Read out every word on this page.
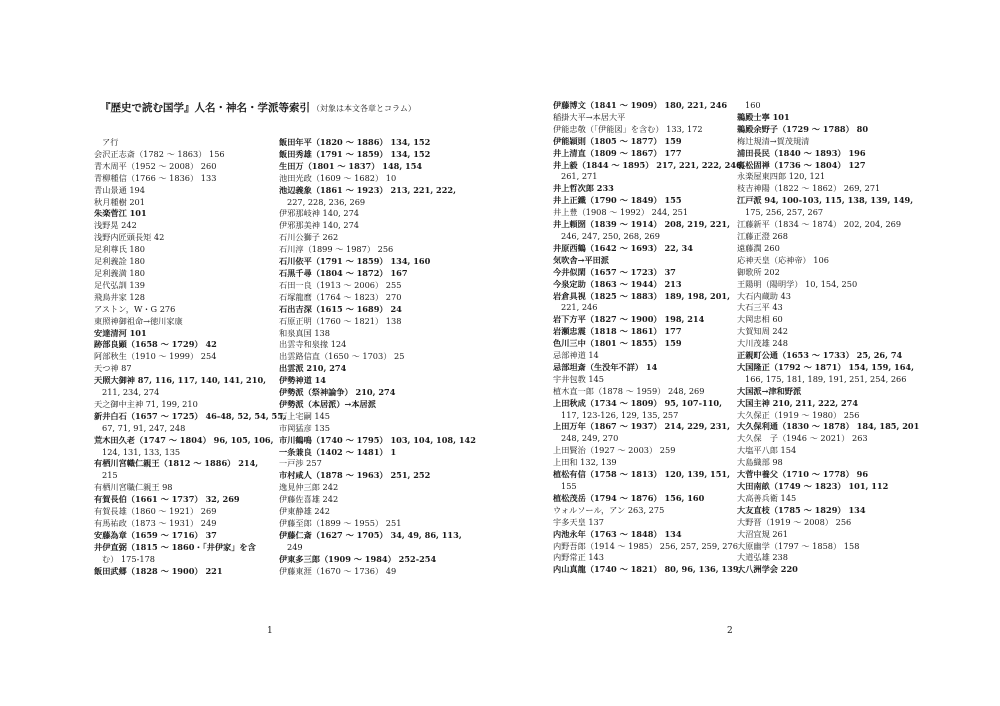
『歴史で読む国学』人名・神名・学派等索引 （対象は本文各章とコラム）
ア行
会沢正志斎（1782 ～ 1863） 156
青木周平（1952 ～ 2008） 260
青柳種信（1766 ～ 1836） 133
青山景通 194
秋月種樹 201
朱楽菅江 101
浅野晃 242
浅野内匠頭長矩 42
足利尊氏 180
足利義詮 180
足利義満 180
足代弘訓 139
飛鳥井家 128
アストン，W・G 276
東照神御祖命→徳川家康
安達清河 101
跡部良顕（1658 ～ 1729） 42
阿部秋生（1910 ～ 1999） 254
天つ神 87
天照大御神 87, 116, 117, 140, 141, 210,
211, 234, 274
天之御中主神 71, 199, 210
新井白石（1657 ～ 1725） 46-48, 52, 54, 55,
67, 71, 91, 247, 248
荒木田久老（1747 ～ 1804） 96, 105, 106,
124, 131, 133, 135
有栖川宮幟仁親王（1812 ～ 1886） 214,
215
有栖川宮職仁親王 98
有賀長伯（1661 ～ 1737） 32, 269
有賀長雄（1860 ～ 1921） 269
有馬祐政（1873 ～ 1931） 249
安藤為章（1659 ～ 1716） 37
井伊直弼（1815 ～ 1860・「井伊家」を含
む） 175-178
飯田武郷（1828 ～ 1900） 221
飯田年平（1820 ～ 1886） 134, 152
飯田秀雄（1791 ～ 1859） 134, 152
生田万（1801 ～ 1837） 148, 154
池田光政（1609 ～ 1682） 10
池辺義象（1861 ～ 1923） 213, 221, 222,
227, 228, 236, 269
伊邪那岐神 140, 274
伊邪那美神 140, 274
石川公獅子 262
石川淳（1899 ～ 1987） 256
石川依平（1791 ～ 1859） 134, 160
石黒千尋（1804 ～ 1872） 167
石田一良（1913 ～ 2006） 255
石塚龍麿（1764 ～ 1823） 270
石出吉深（1615 ～ 1689） 24
石原正明（1760 ～ 1821） 138
和泉真国 138
出雲寺和泉掾 124
出雲路信直（1650 ～ 1703） 25
出雲派 210, 274
伊勢神道 14
伊勢派（祭神論争） 210, 274
伊勢派（本居派）→本居派
石上宅嗣 145
市岡猛彦 135
市川鶴鳴（1740 ～ 1795） 103, 104, 108, 142
一条兼良（1402 ～ 1481） 1
一戸渉 257
市村咸人（1878 ～ 1963） 251, 252
逸見仲三郎 242
伊藤佐喜雄 242
伊東静雄 242
伊藤至郎（1899 ～ 1955） 251
伊藤仁斎（1627 ～ 1705） 34, 49, 86, 113,
249
伊東多三郎（1909 ～ 1984） 252-254
伊藤東涯（1670 ～ 1736） 49
1
伊藤博文（1841 ～ 1909） 180, 221, 246
稲掛大平→本居大平
伊能忠敬（「伊能図」を含む） 133, 172
伊能穎則（1805 ～ 1877） 159
井上清直（1809 ～ 1867） 177
井上毅（1844 ～ 1895） 217, 221, 222, 246,
261, 271
井上哲次郎 233
井上正鐵（1790 ～ 1849） 155
井上豊（1908 ～ 1992） 244, 251
井上頼圀（1839 ～ 1914） 208, 219, 221,
246, 247, 250, 268, 269
井原西鶴（1642 ～ 1693） 22, 34
気吹舎→平田派
今井似閑（1657 ～ 1723） 37
今泉定助（1863 ～ 1944） 213
岩倉具視（1825 ～ 1883） 189, 198, 201,
221, 246
岩下方平（1827 ～ 1900） 198, 214
岩瀬忠震（1818 ～ 1861） 177
色川三中（1801 ～ 1855） 159
忌部神道 14
忌部坦斎（生没年不詳） 14
宇井包教 145
植木直一郎（1878 ～ 1959） 248, 269
上田秋成（1734 ～ 1809） 95, 107-110,
117, 123-126, 129, 135, 257
上田万年（1867 ～ 1937） 214, 229, 231,
248, 249, 270
上田賢治（1927 ～ 2003） 259
上田和 132, 139
植松有信（1758 ～ 1813） 120, 139, 151,
155
植松茂岳（1794 ～ 1876） 156, 160
ウォルソール，アン 263, 275
宇多天皇 137
内池永年（1763 ～ 1848） 134
内野吾郎（1914 ～ 1985） 256, 257, 259, 276
内野常正 143
内山真龍（1740 ～ 1821） 80, 96, 136, 139,
160
鵜殿士寧 101
鵜殿余野子（1729 ～ 1788） 80
梅辻規清→賀茂規清
浦田長民（1840 ～ 1893） 196
裏松固禅（1736 ～ 1804） 127
永楽屋東四郎 120, 121
枝吉神陽（1822 ～ 1862） 269, 271
江戸派 94, 100-103, 115, 138, 139, 149,
175, 256, 257, 267
江藤新平（1834 ～ 1874） 202, 204, 269
江藤正澄 268
遠藤潤 260
応神天皇（応神帝） 106
御歌所 202
王陽明（陽明学） 10, 154, 250
大石内蔵助 43
大石三平 43
大岡忠相 60
大賀知周 242
大川茂雄 248
正親町公通（1653 ～ 1733） 25, 26, 74
大国隆正（1792 ～ 1871） 154, 159, 164,
166, 175, 181, 189, 191, 251, 254, 266
大国派→津和野派
大国主神 210, 211, 222, 274
大久保正（1919 ～ 1980） 256
大久保利通（1830 ～ 1878） 184, 185, 201
大久保　子（1946 ～ 2021） 263
大塩平八郎 154
大島織部 98
大菅中養父（1710 ～ 1778） 96
大田南畝（1749 ～ 1823） 101, 112
大高善兵衛 145
大友直枝（1785 ～ 1829） 134
大野晋（1919 ～ 2008） 256
大沼宜規 261
大原幽学（1797 ～ 1858） 158
大道弘雄 238
大八洲学会 220
2
